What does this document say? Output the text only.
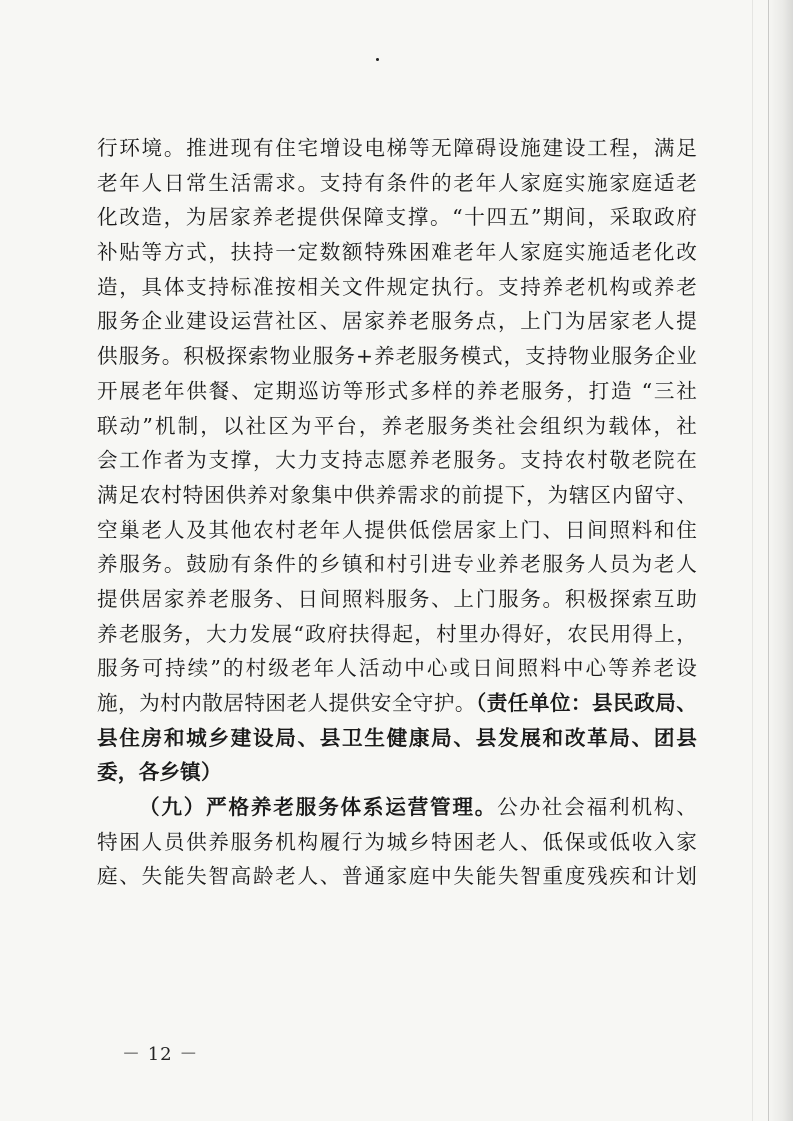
行环境。推进现有住宅增设电梯等无障碍设施建设工程，满足
老年人日常生活需求。支持有条件的老年人家庭实施家庭适老
化改造，为居家养老提供保障支撑。“十四五”期间，采取政府
补贴等方式，扶持一定数额特殊困难老年人家庭实施适老化改
造，具体支持标准按相关文件规定执行。支持养老机构或养老
服务企业建设运营社区、居家养老服务点，上门为居家老人提
供服务。积极探索物业服务+养老服务模式，支持物业服务企业
开展老年供餐、定期巡访等形式多样的养老服务，打造 “三社
联动”机制，以社区为平台，养老服务类社会组织为载体，社
会工作者为支撑，大力支持志愿养老服务。支持农村敬老院在
满足农村特困供养对象集中供养需求的前提下，为辖区内留守、
空巢老人及其他农村老年人提供低偿居家上门、日间照料和住
养服务。鼓励有条件的乡镇和村引进专业养老服务人员为老人
提供居家养老服务、日间照料服务、上门服务。积极探索互助
养老服务，大力发展“政府扶得起，村里办得好，农民用得上，
服务可持续”的村级老年人活动中心或日间照料中心等养老设
施，为村内散居特困老人提供安全守护。（责任单位：县民政局、
县住房和城乡建设局、县卫生健康局、县发展和改革局、团县
委，各乡镇）
（九）严格养老服务体系运营管理。公办社会福利机构、
特困人员供养服务机构履行为城乡特困老人、低保或低收入家
庭、失能失智高龄老人、普通家庭中失能失智重度残疾和计划
－ 12 －
